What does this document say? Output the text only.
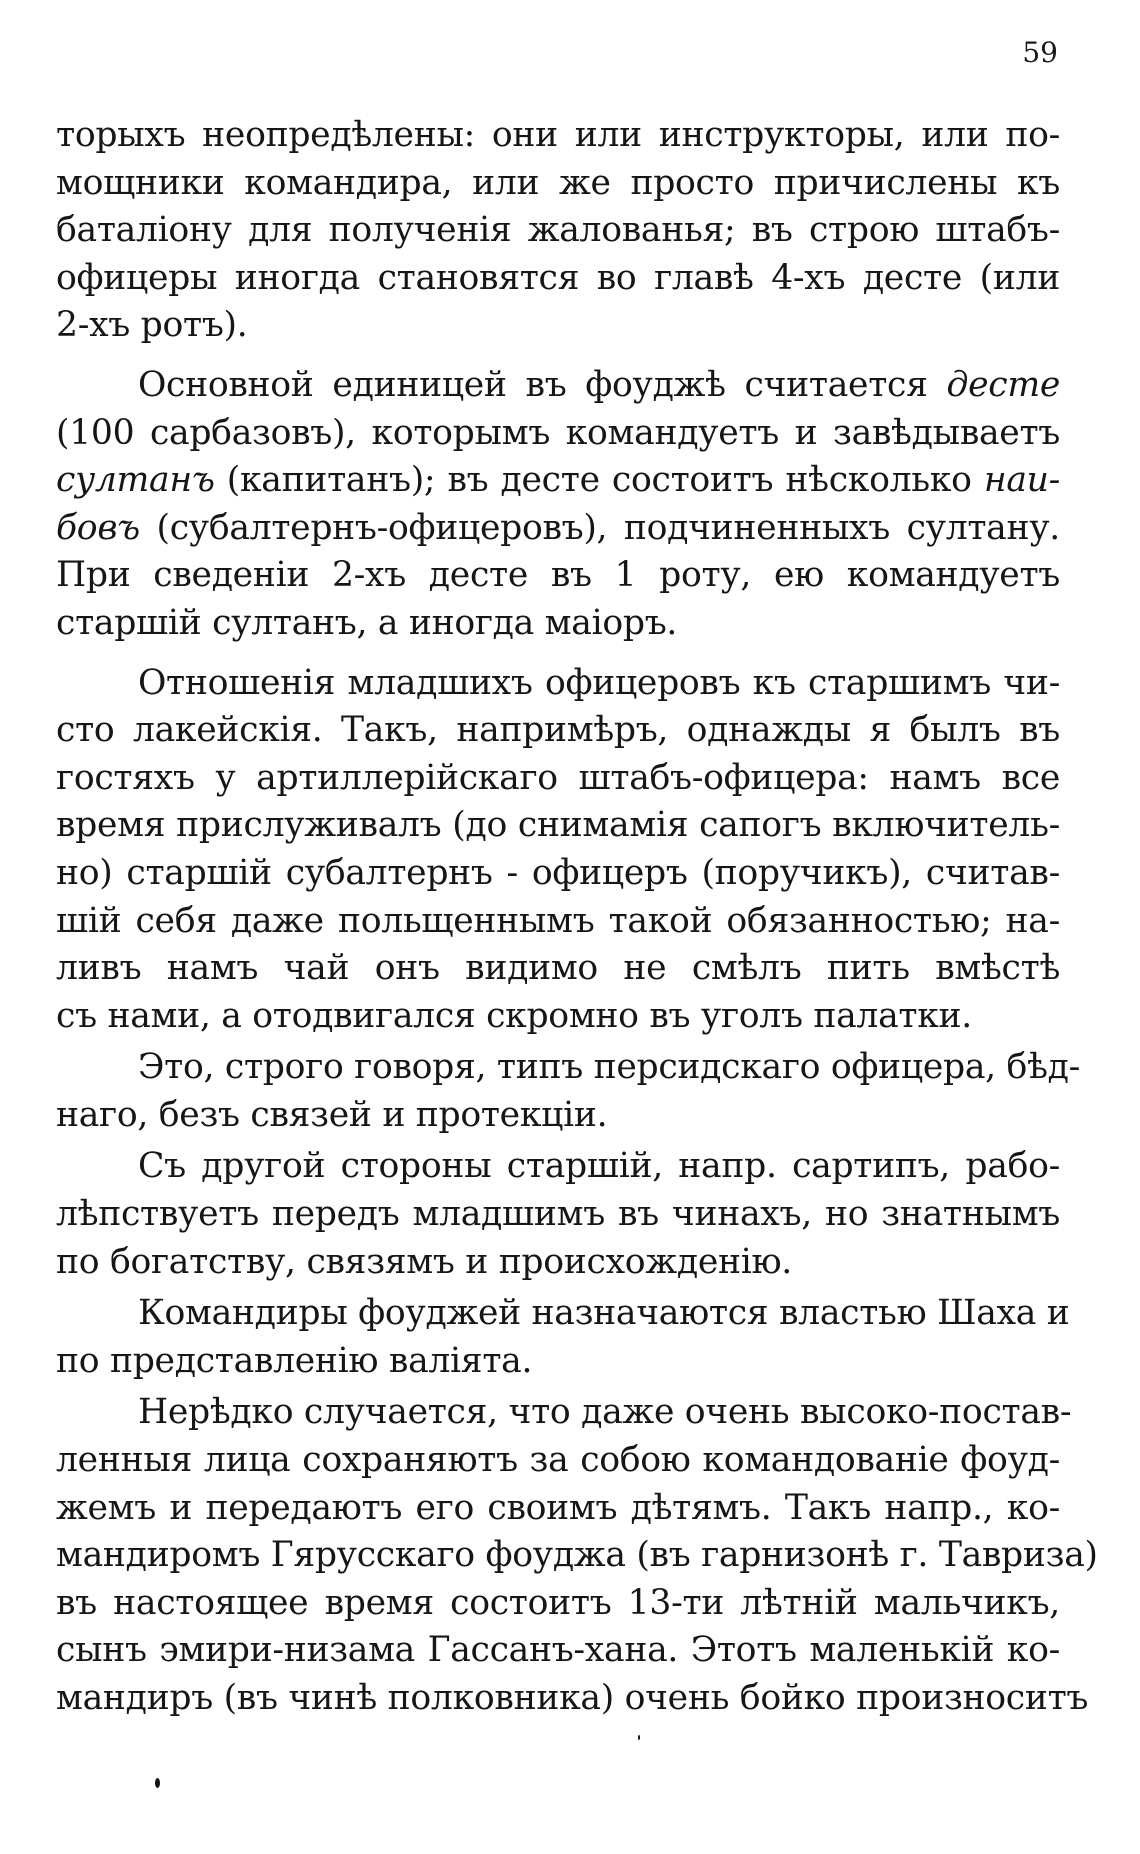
59
торыхъ неопредѣлены: они или инструкторы, или по-
мощники командира, или же просто причислены къ
баталіону для полученія жалованья; въ строю штабъ-
офицеры иногда становятся во главѣ 4-хъ десте (или
2-хъ ротъ).
Основной единицей въ фоуджѣ считается десте
(100 сарбазовъ), которымъ командуетъ и завѣдываетъ
султанъ (капитанъ); въ десте состоитъ нѣсколько наи-
бовъ (субалтернъ-офицеровъ), подчиненныхъ султану.
При сведеніи 2-хъ десте въ 1 роту, ею командуетъ
старшій султанъ, а иногда маіоръ.
Отношенія младшихъ офицеровъ къ старшимъ чи-
сто лакейскія. Такъ, напримѣръ, однажды я былъ въ
гостяхъ у артиллерійскаго штабъ-офицера: намъ все
время прислуживалъ (до снимамія сапогъ включитель-
но) старшій субалтернъ - офицеръ (поручикъ), считав-
шій себя даже польщеннымъ такой обязанностью; на-
ливъ намъ чай онъ видимо не смѣлъ пить вмѣстѣ
съ нами, а отодвигался скромно въ уголъ палатки.
Это, строго говоря, типъ персидскаго офицера, бѣд-
наго, безъ связей и протекціи.
Съ другой стороны старшій, напр. сартипъ, рабо-
лѣпствуетъ передъ младшимъ въ чинахъ, но знатнымъ
по богатству, связямъ и происхожденію.
Командиры фоуджей назначаются властью Шаха и
по представленію валіята.
Нерѣдко случается, что даже очень высоко-постав-
ленныя лица сохраняютъ за собою командованіе фоуд-
жемъ и передаютъ его своимъ дѣтямъ. Такъ напр., ко-
мандиромъ Гярусскаго фоуджа (въ гарнизонѣ г. Тавриза)
въ настоящее время состоитъ 13-ти лѣтній мальчикъ,
сынъ эмири-низама Гассанъ-хана. Этотъ маленькій ко-
мандиръ (въ чинѣ полковника) очень бойко произноситъ
